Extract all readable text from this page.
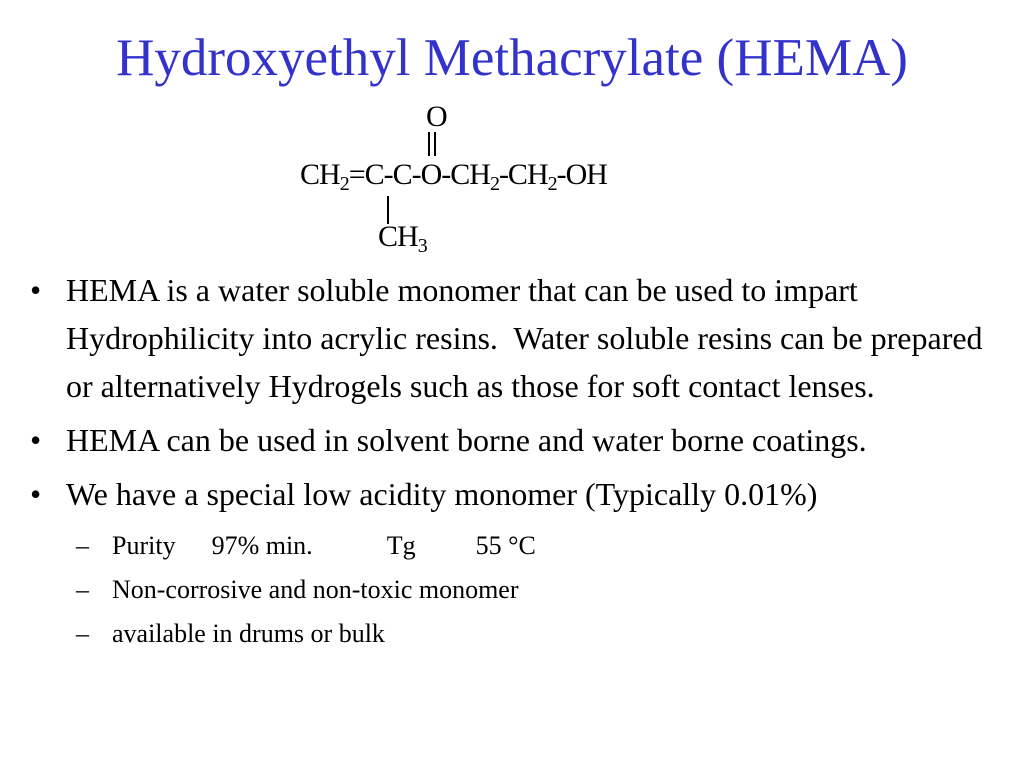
Hydroxyethyl Methacrylate (HEMA)
O
$CH_2=C-C-O-CH_2-CH_2-OH$
$CH_3$
• HEMA is a water soluble monomer that can be used to impart Hydrophilicity into acrylic resins.  Water soluble resins can be prepared or alternatively Hydrogels such as those for soft contact lenses.
• HEMA can be used in solvent borne and water borne coatings.
• We have a special low acidity monomer (Typically 0.01%)
– Purity 97% min.	Tg 55 °C
– Non-corrosive and non-toxic monomer
– available in drums or bulk
